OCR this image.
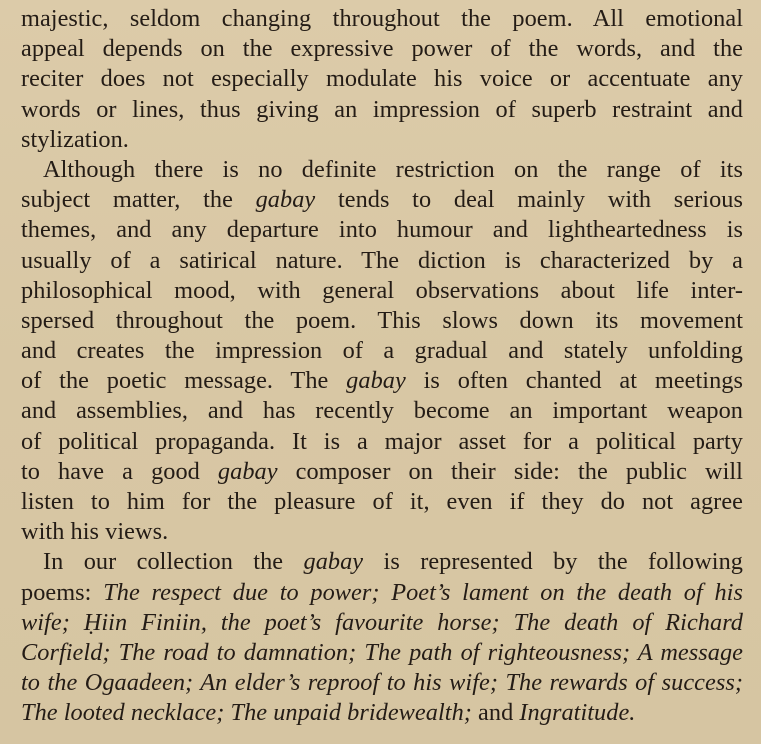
majestic, seldom changing throughout the poem. All emotional
appeal depends on the expressive power of the words, and the
reciter does not especially modulate his voice or accentuate any
words or lines, thus giving an impression of superb restraint and
stylization.
Although there is no definite restriction on the range of its
subject matter, the gabay tends to deal mainly with serious
themes, and any departure into humour and lightheartedness is
usually of a satirical nature. The diction is characterized by a
philosophical mood, with general observations about life inter-
spersed throughout the poem. This slows down its movement
and creates the impression of a gradual and stately unfolding
of the poetic message. The gabay is often chanted at meetings
and assemblies, and has recently become an important weapon
of political propaganda. It is a major asset for a political party
to have a good gabay composer on their side: the public will
listen to him for the pleasure of it, even if they do not agree
with his views.
In our collection the gabay is represented by the following
poems: The respect due to power; Poet’s lament on the death of his
wife; Ḥiin Finiin, the poet’s favourite horse; The death of Richard
Corfield; The road to damnation; The path of righteousness; A message
to the Ogaadeen; An elder’s reproof to his wife; The rewards of success;
The looted necklace; The unpaid bridewealth; and Ingratitude.
